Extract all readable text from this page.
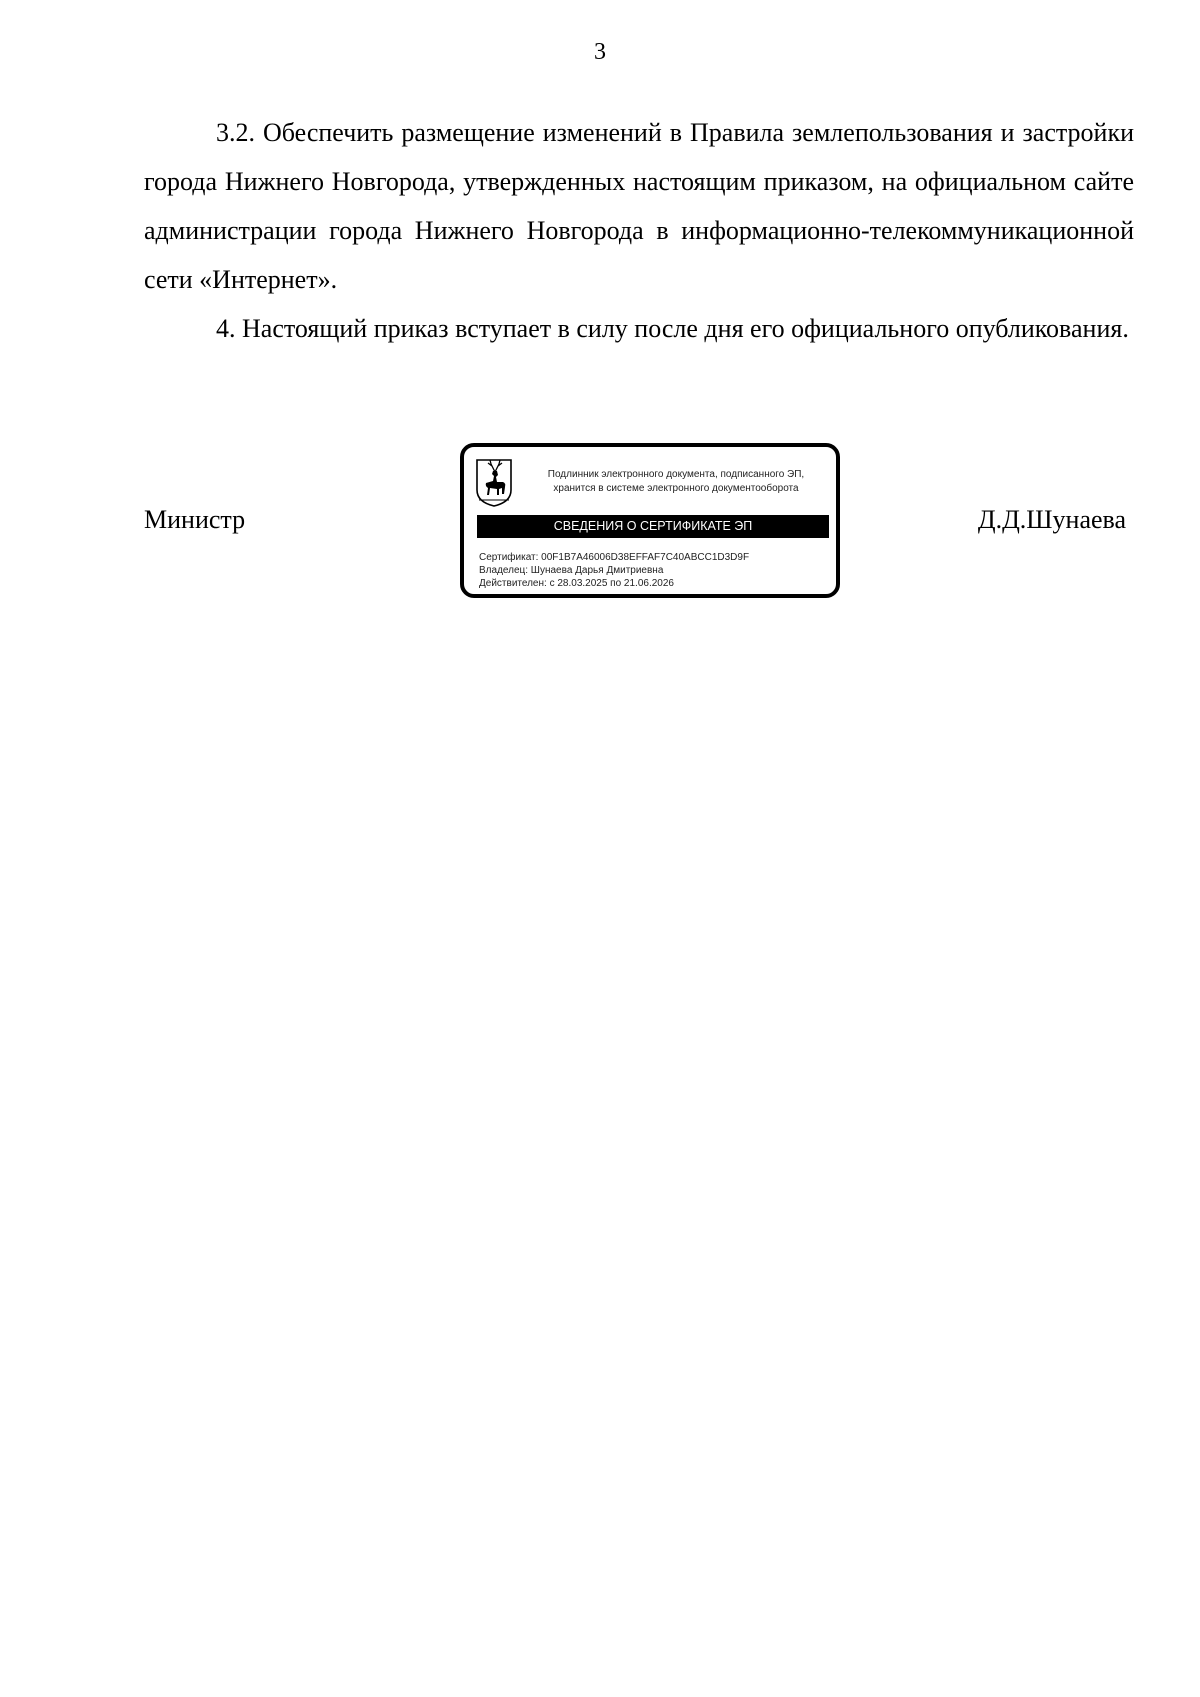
3

3.2. Обеспечить размещение изменений в Правила землепользования и застройки города Нижнего Новгорода, утвержденных настоящим приказом, на официальном сайте администрации города Нижнего Новгорода в информационно-телекоммуникационной сети «Интернет».

4. Настоящий приказ вступает в силу после дня его официального опубликования.

Министр
Подлинник электронного документа, подписанного ЭП,
хранится в системе электронного документооборота
СВЕДЕНИЯ О СЕРТИФИКАТЕ ЭП
Сертификат: 00F1B7A46006D38EFFAF7C40ABCC1D3D9F
Владелец: Шунаева Дарья Дмитриевна
Действителен: с 28.03.2025 по 21.06.2026
Д.Д.Шунаева
